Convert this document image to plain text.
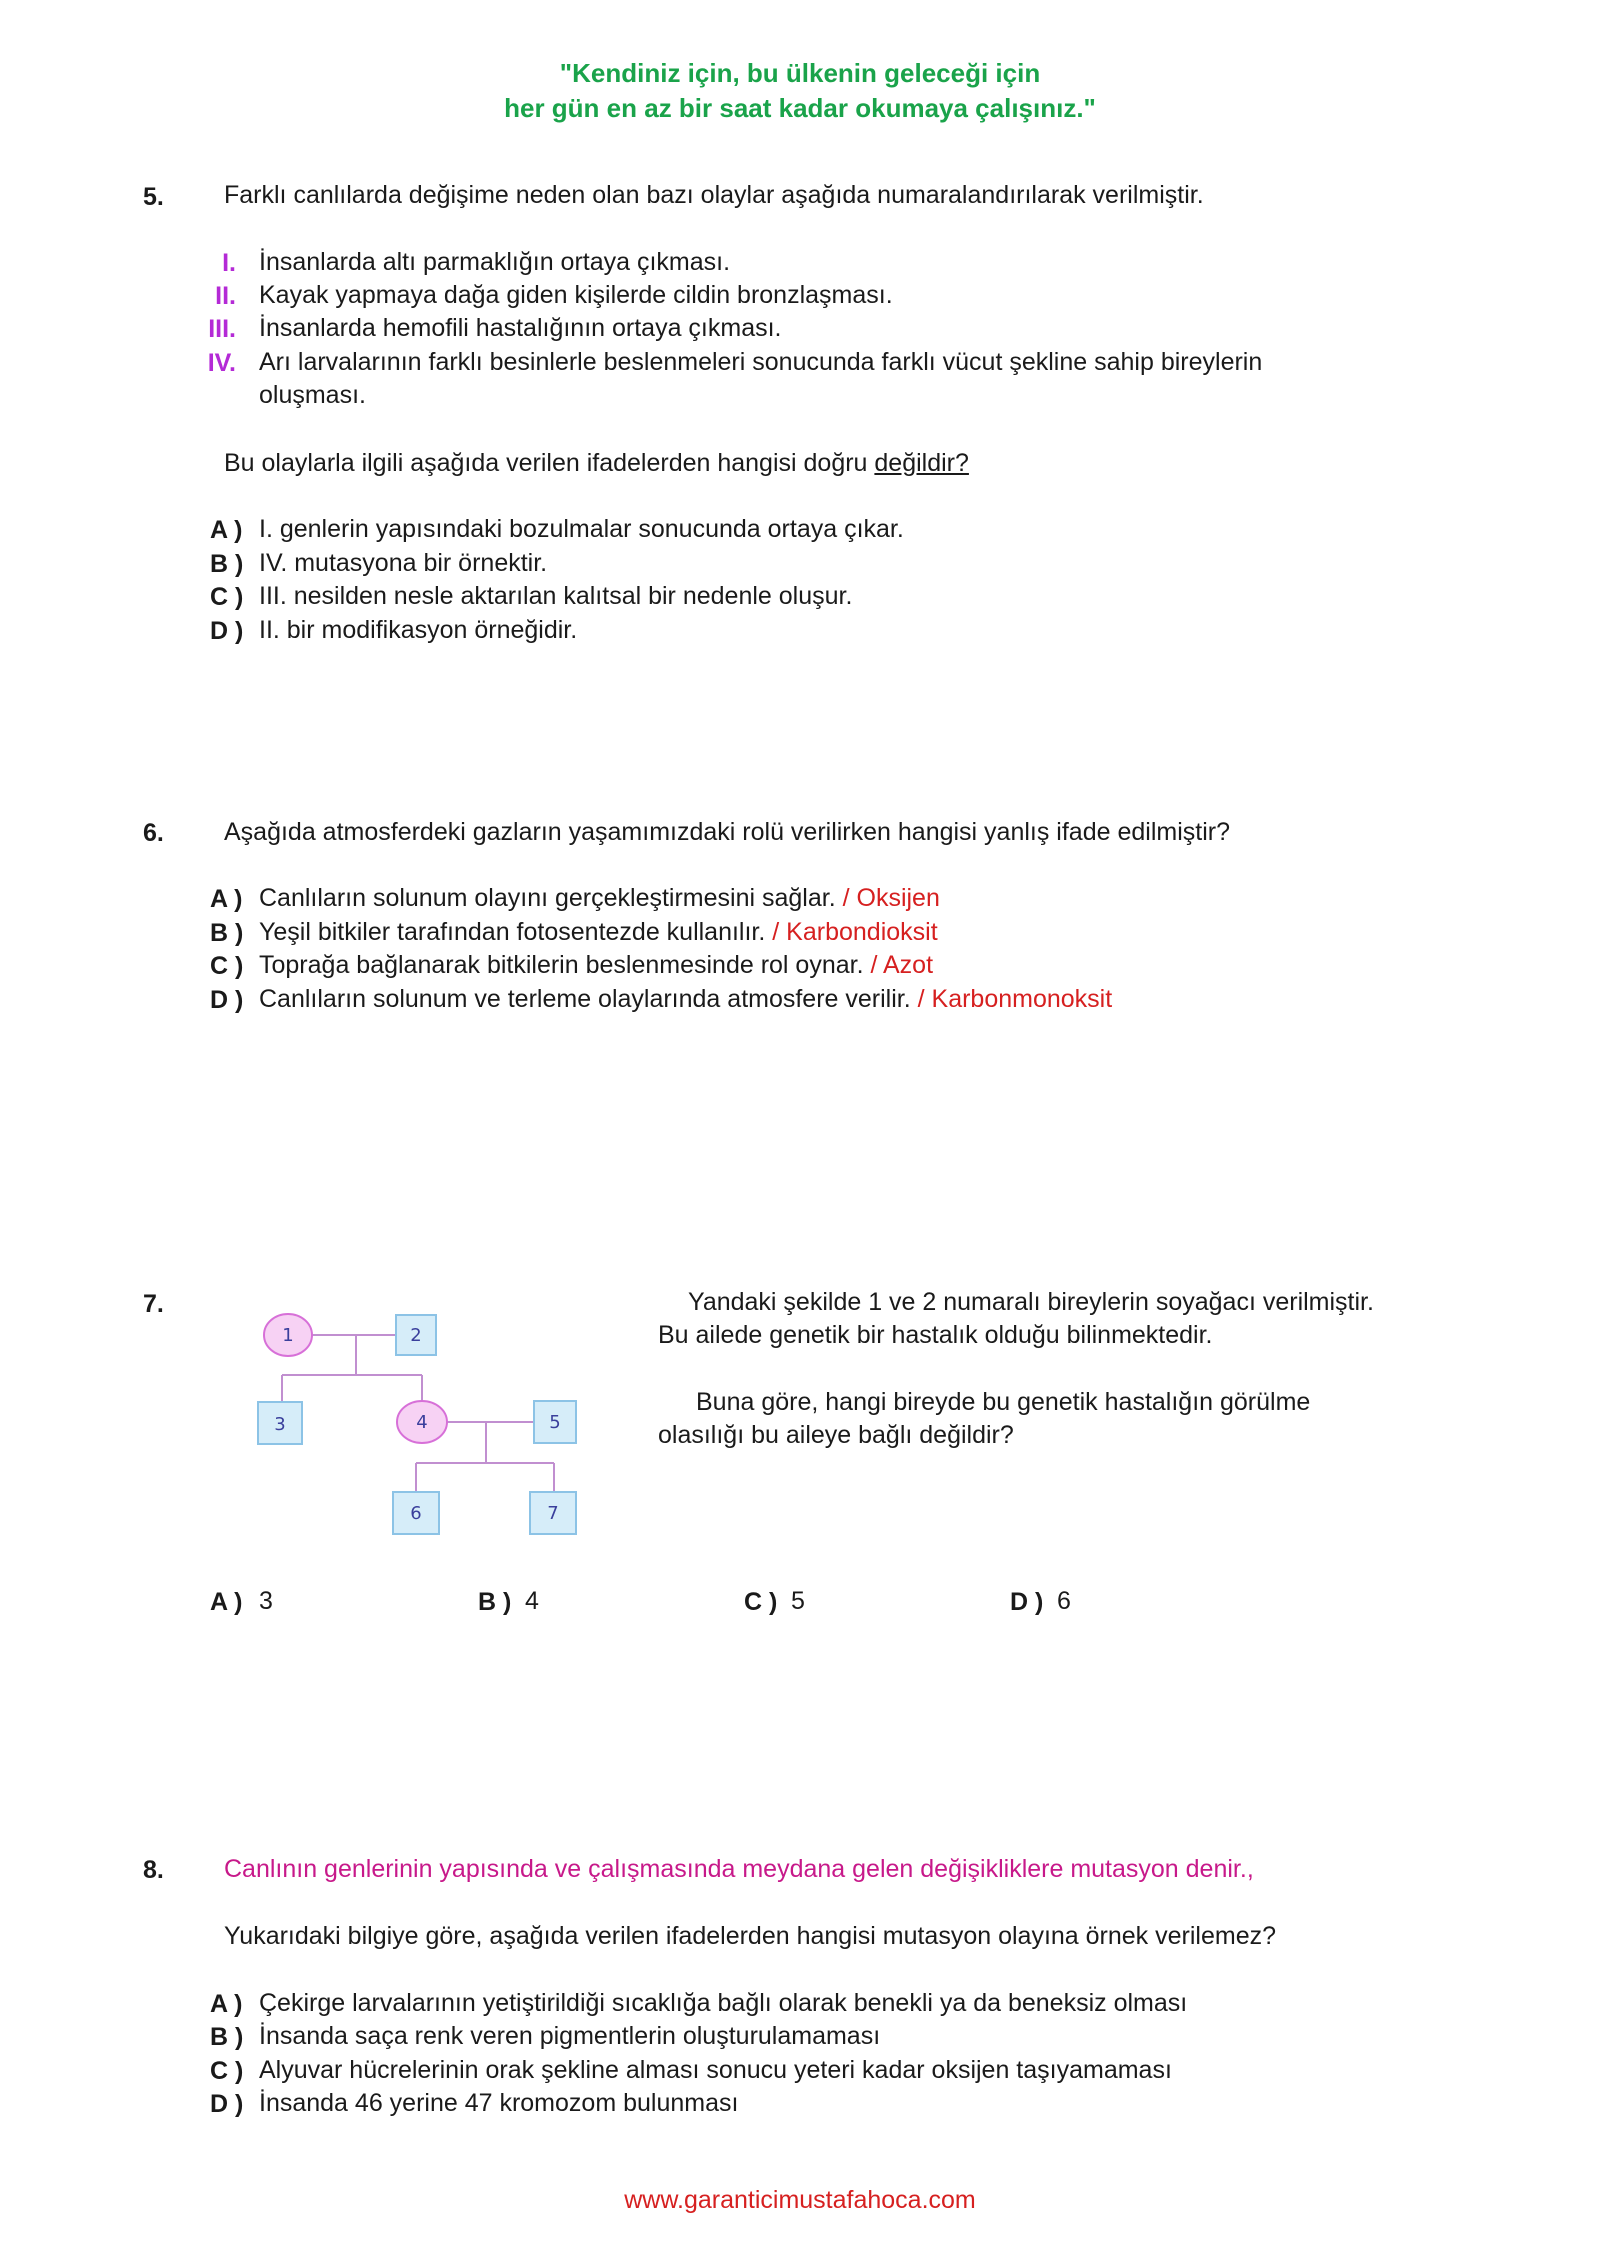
"Kendiniz için, bu ülkenin geleceği için
her gün en az bir saat kadar okumaya çalışınız."
5. Farklı canlılarda değişime neden olan bazı olaylar aşağıda numaralandırılarak verilmiştir.
I. İnsanlarda altı parmaklığın ortaya çıkması.
II. Kayak yapmaya dağa giden kişilerde cildin bronzlaşması.
III. İnsanlarda hemofili hastalığının ortaya çıkması.
IV. Arı larvalarının farklı besinlerle beslenmeleri sonucunda farklı vücut şekline sahip bireylerin
oluşması.
Bu olaylarla ilgili aşağıda verilen ifadelerden hangisi doğru değildir?
A ) I. genlerin yapısındaki bozulmalar sonucunda ortaya çıkar.
B ) IV. mutasyona bir örnektir.
C ) III. nesilden nesle aktarılan kalıtsal bir nedenle oluşur.
D ) II. bir modifikasyon örneğidir.
6. Aşağıda atmosferdeki gazların yaşamımızdaki rolü verilirken hangisi yanlış ifade edilmiştir?
A ) Canlıların solunum olayını gerçekleştirmesini sağlar. / Oksijen
B ) Yeşil bitkiler tarafından fotosentezde kullanılır. / Karbondioksit
C ) Toprağa bağlanarak bitkilerin beslenmesinde rol oynar. / Azot
D ) Canlıların solunum ve terleme olaylarında atmosfere verilir. / Karbonmonoksit
7.
1	2
3	4	5
6	7
Yandaki şekilde 1 ve 2 numaralı bireylerin soyağacı verilmiştir.
Bu ailede genetik bir hastalık olduğu bilinmektedir.
Buna göre, hangi bireyde bu genetik hastalığın görülme
olasılığı bu aileye bağlı değildir?
A ) 3	B ) 4	C ) 5	D ) 6
8. Canlının genlerinin yapısında ve çalışmasında meydana gelen değişikliklere mutasyon denir.,
Yukarıdaki bilgiye göre, aşağıda verilen ifadelerden hangisi mutasyon olayına örnek verilemez?
A ) Çekirge larvalarının yetiştirildiği sıcaklığa bağlı olarak benekli ya da beneksiz olması
B ) İnsanda saça renk veren pigmentlerin oluşturulamaması
C ) Alyuvar hücrelerinin orak şekline alması sonucu yeteri kadar oksijen taşıyamaması
D ) İnsanda 46 yerine 47 kromozom bulunması
www.garanticimustafahoca.com
